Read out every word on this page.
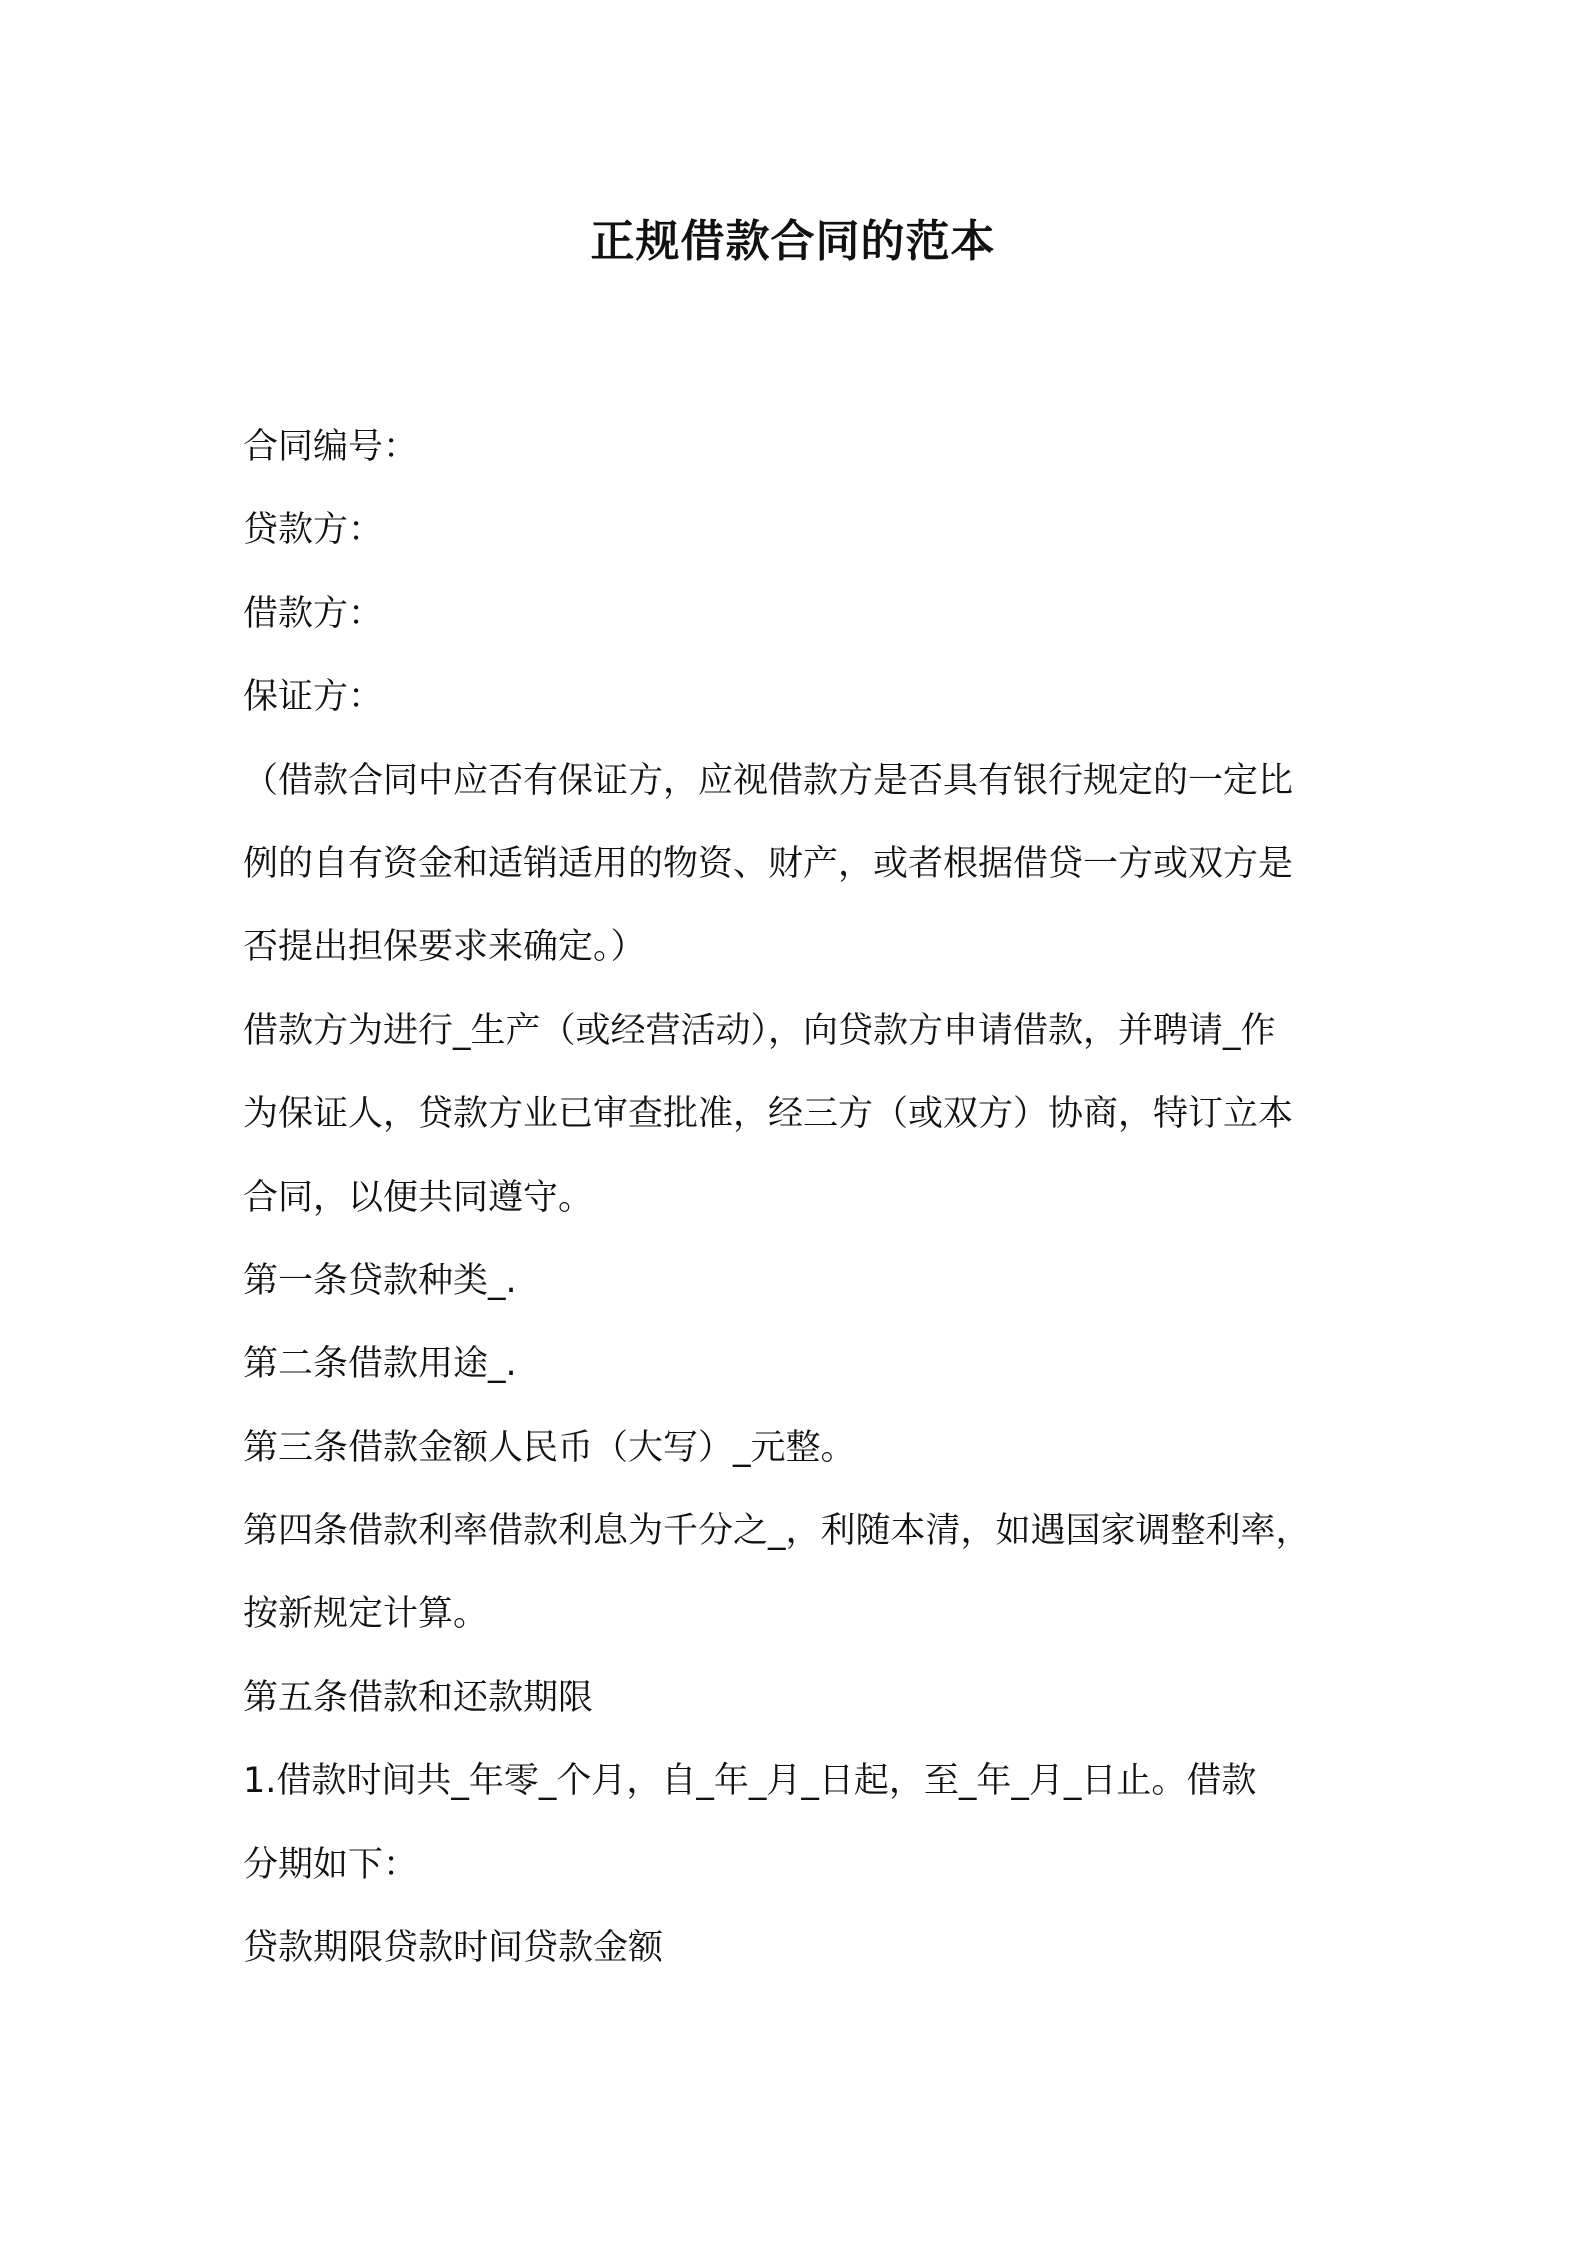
正规借款合同的范本
合同编号：
贷款方：
借款方：
保证方：
（借款合同中应否有保证方，应视借款方是否具有银行规定的一定比
例的自有资金和适销适用的物资、财产，或者根据借贷一方或双方是
否提出担保要求来确定。）
借款方为进行_生产（或经营活动），向贷款方申请借款，并聘请_作
为保证人，贷款方业已审查批准，经三方（或双方）协商，特订立本
合同，以便共同遵守。
第一条贷款种类_.
第二条借款用途_.
第三条借款金额人民币（大写）_元整。
第四条借款利率借款利息为千分之_，利随本清，如遇国家调整利率，
按新规定计算。
第五条借款和还款期限
1.借款时间共_年零_个月，自_年_月_日起，至_年_月_日止。借款
分期如下：
贷款期限贷款时间贷款金额
